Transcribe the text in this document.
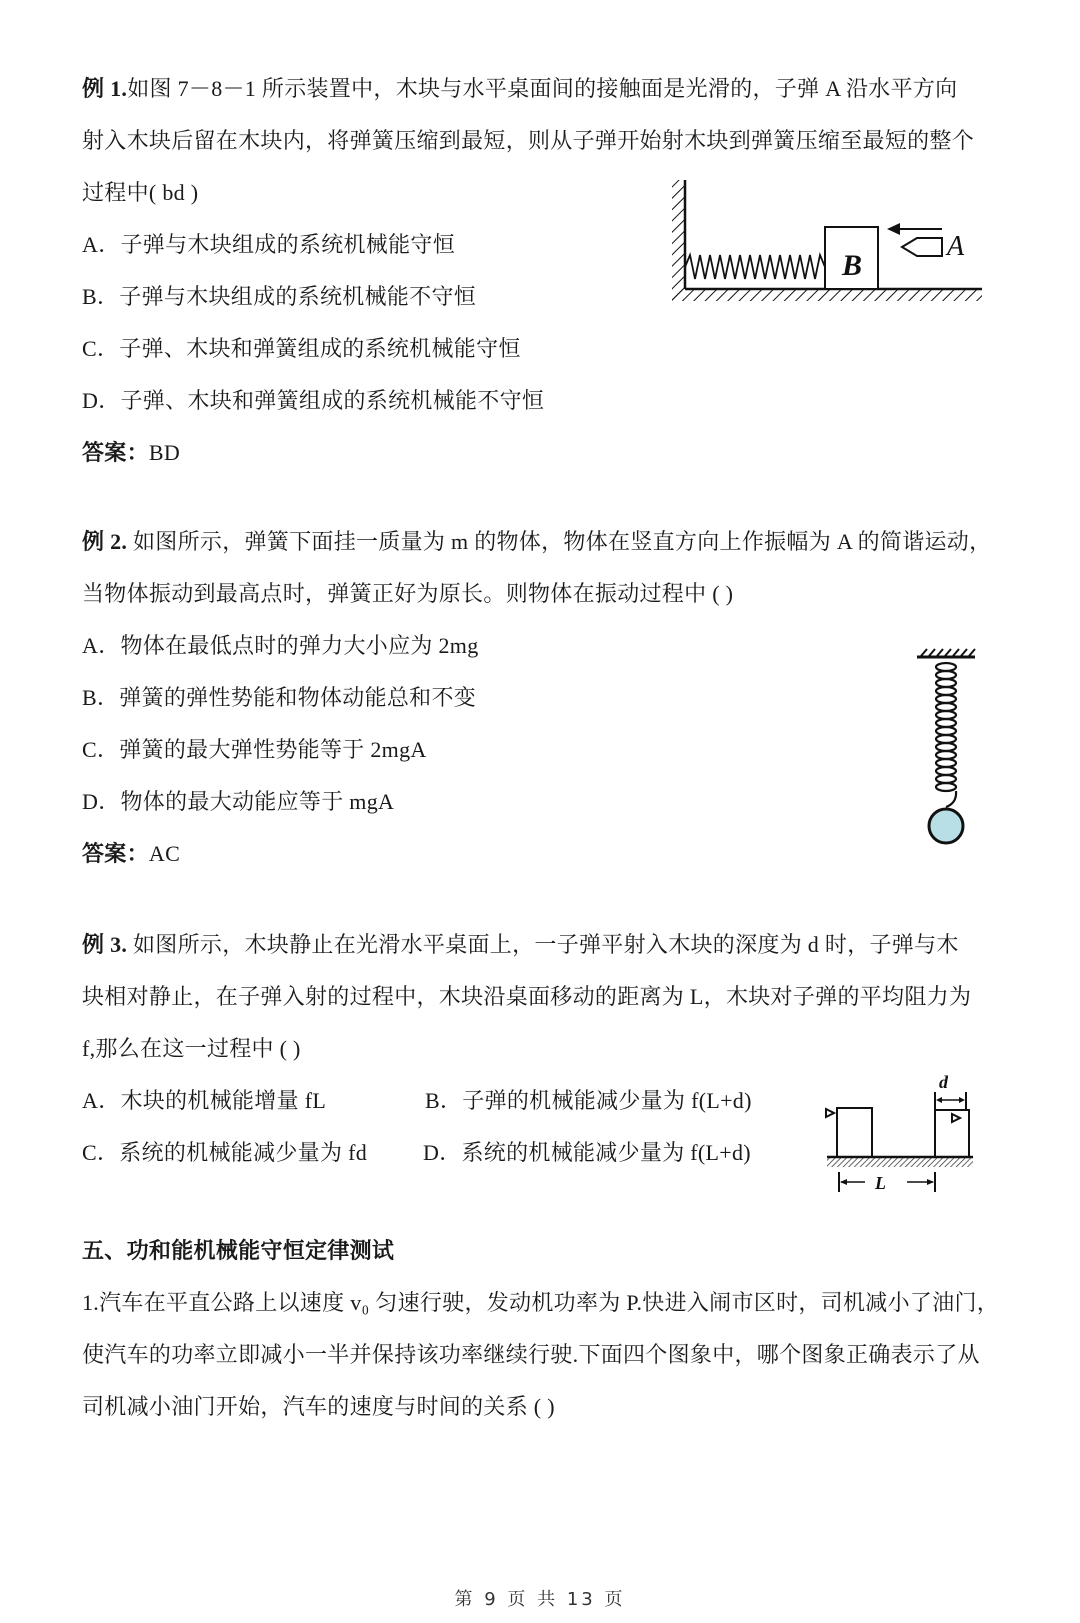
例 1.如图 7－8－1 所示装置中，木块与水平桌面间的接触面是光滑的，子弹 A 沿水平方向
射入木块后留在木块内，将弹簧压缩到最短，则从子弹开始射木块到弹簧压缩至最短的整个
过程中( bd )
A．子弹与木块组成的系统机械能守恒
B．子弹与木块组成的系统机械能不守恒
C．子弹、木块和弹簧组成的系统机械能守恒
D．子弹、木块和弹簧组成的系统机械能不守恒
答案：BD
B
A
例 2. 如图所示，弹簧下面挂一质量为 m 的物体，物体在竖直方向上作振幅为 A 的简谐运动，
当物体振动到最高点时，弹簧正好为原长。则物体在振动过程中 ( )
A．物体在最低点时的弹力大小应为 2mg
B．弹簧的弹性势能和物体动能总和不变
C．弹簧的最大弹性势能等于 2mgA
D．物体的最大动能应等于 mgA
答案：AC
例 3. 如图所示，木块静止在光滑水平桌面上，一子弹平射入木块的深度为 d 时，子弹与木
块相对静止，在子弹入射的过程中，木块沿桌面移动的距离为 L，木块对子弹的平均阻力为
f,那么在这一过程中 ( )
A．木块的机械能增量 fL	B．子弹的机械能减少量为 f(L+d)
C．系统的机械能减少量为 fd	D．系统的机械能减少量为 f(L+d)
d
L
五、功和能机械能守恒定律测试
1.汽车在平直公路上以速度 v₀ 匀速行驶，发动机功率为 P.快进入闹市区时，司机减小了油门，
使汽车的功率立即减小一半并保持该功率继续行驶.下面四个图象中，哪个图象正确表示了从
司机减小油门开始，汽车的速度与时间的关系 ( )
第 9 页 共 13 页
